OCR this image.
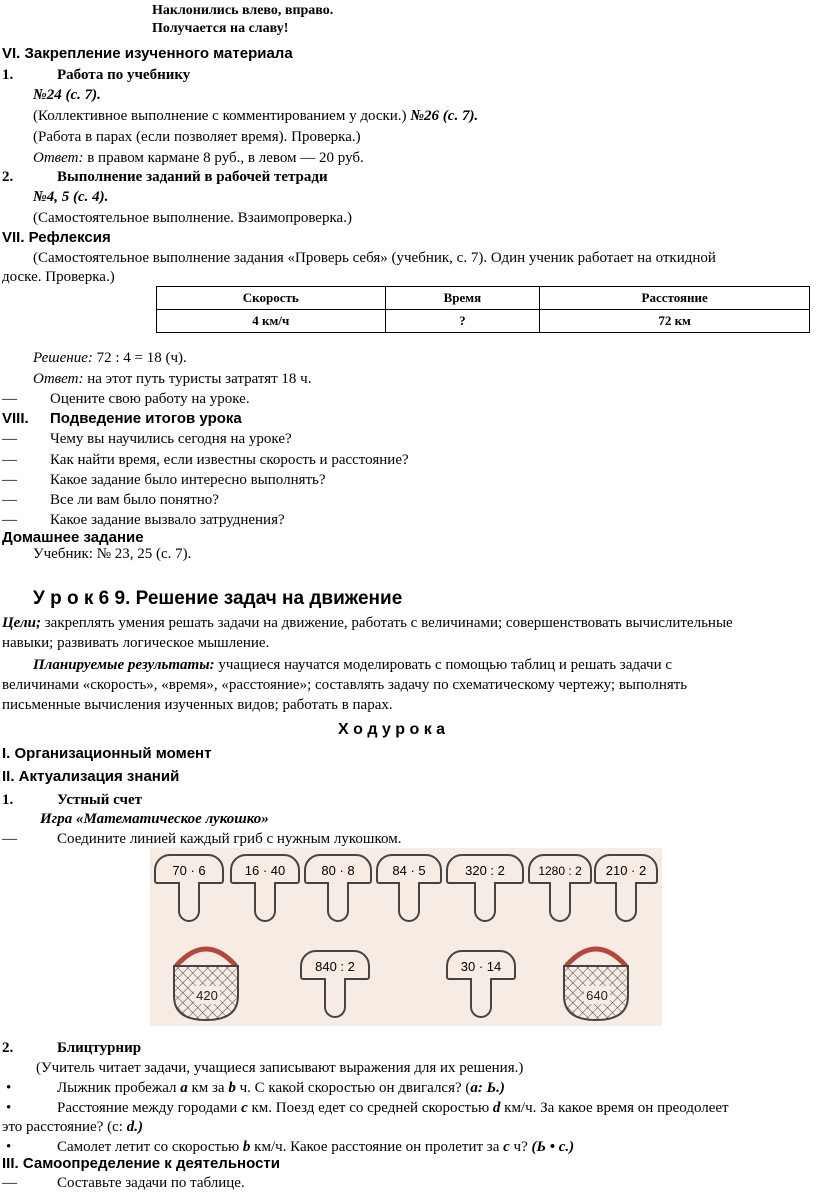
Наклонились влево, вправо.
Получается на славу!
VI. Закрепление изученного материала
1.	Работа по учебнику
№24 (с. 7).
(Коллективное выполнение с комментированием у доски.) №26 (с. 7).
(Работа в парах (если позволяет время). Проверка.)
Ответ: в правом кармане 8 руб., в левом — 20 руб.
2.	Выполнение заданий в рабочей тетради
№4, 5 (с. 4).
(Самостоятельное выполнение. Взаимопроверка.)
VII. Рефлексия
(Самостоятельное выполнение задания «Проверь себя» (учебник, с. 7). Один ученик работает на откидной
доске. Проверка.)
Скорость	Время	Расстояние
4 км/ч	?	72 км
Решение: 72 : 4 = 18 (ч).
Ответ: на этот путь туристы затратят 18 ч.
— Оцените свою работу на уроке.
VIII. Подведение итогов урока
— Чему вы научились сегодня на уроке?
— Как найти время, если известны скорость и расстояние?
— Какое задание было интересно выполнять?
— Все ли вам было понятно?
— Какое задание вызвало затруднения?
Домашнее задание
Учебник: № 23, 25 (с. 7).
У р о к 6 9. Решение задач на движение
Цели; закреплять умения решать задачи на движение, работать с величинами; совершенствовать вычислительные
навыки; развивать логическое мышление.
Планируемые результаты: учащиеся научатся моделировать с помощью таблиц и решать задачи с
величинами «скорость», «время», «расстояние»; составлять задачу по схематическому чертежу; выполнять
письменные вычисления изученных видов; работать в парах.
Х о д у р о к а
I. Организационный момент
II. Актуализация знаний
1.	Устный счет
Игра «Математическое лукошко»
—	Соедините линией каждый гриб с нужным лукошком.
70 · 6	16 · 40	80 · 8	84 · 5	320 : 2	1280 : 2	210 · 2
840 : 2	30 · 14
420	640
2.	Блицтурнир
(Учитель читает задачи, учащиеся записывают выражения для их решения.)
•	Лыжник пробежал а км за b ч. С какой скоростью он двигался? (а: Ь.)
•	Расстояние между городами с км. Поезд едет со средней скоростью d км/ч. За какое время он преодолеет
это расстояние? (с: d.)
•	Самолет летит со скоростью b км/ч. Какое расстояние он пролетит за с ч? (Ь • с.)
III. Самоопределение к деятельности
—	Составьте задачи по таблице.
